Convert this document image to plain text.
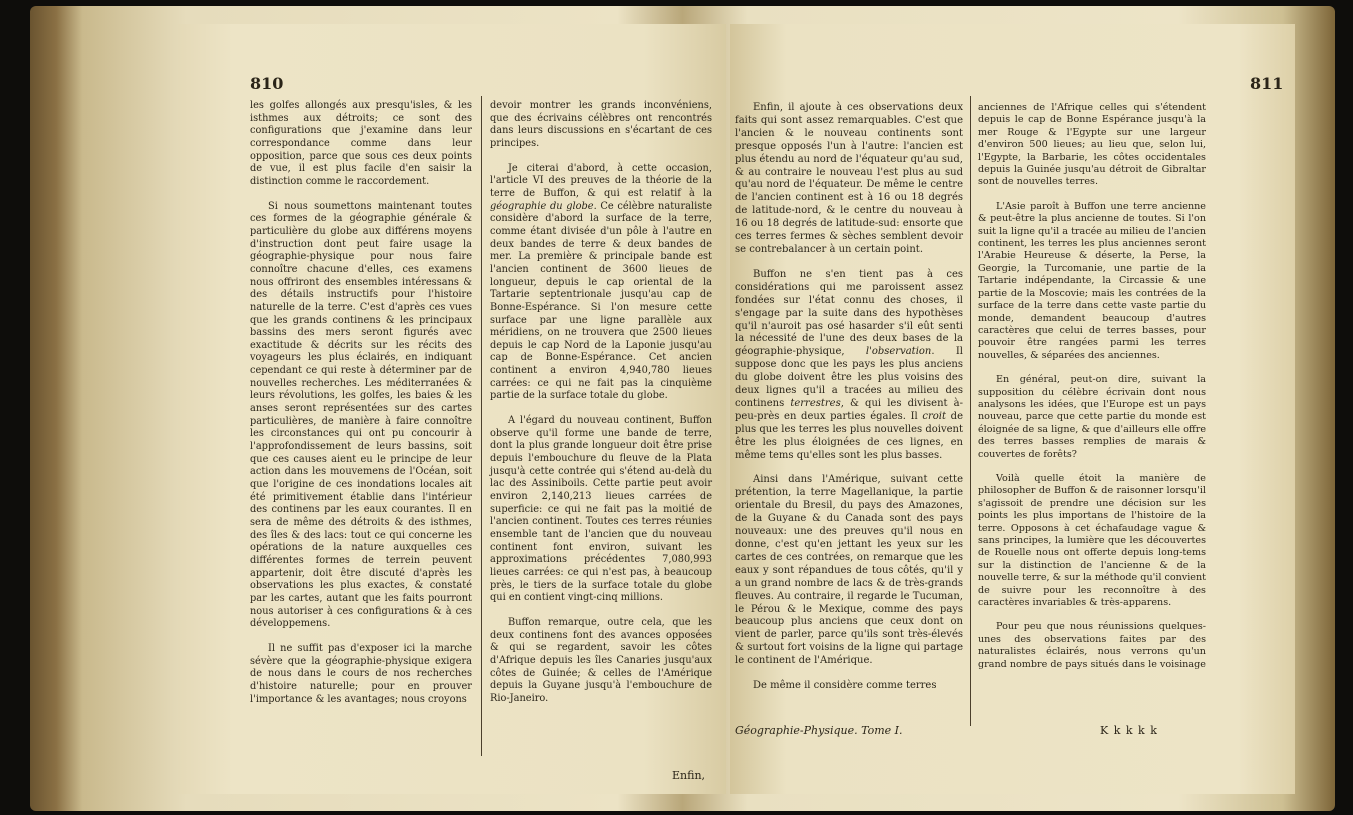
810

les golfes allongés aux presqu'isles, & les isthmes aux détroits; ce sont des configurations que j'examine dans leur correspondance comme dans leur opposition, parce que sous ces deux points de vue, il est plus facile d'en saisir la distinction comme le raccordement.

Si nous soumettons maintenant toutes ces formes de la géographie générale & particulière du globe aux différens moyens d'instruction dont peut faire usage la géographie-physique pour nous faire connoître chacune d'elles, ces examens nous offriront des ensembles intéressans & des détails instructifs pour l'histoire naturelle de la terre. C'est d'après ces vues que les grands continens & les principaux bassins des mers seront figurés avec exactitude & décrits sur les récits des voyageurs les plus éclairés, en indiquant cependant ce qui reste à déterminer par de nouvelles recherches. Les méditerranées & leurs révolutions, les golfes, les baies & les anses seront représentées sur des cartes particulières, de manière à faire connoître les circonstances qui ont pu concourir à l'approfondissement de leurs bassins, soit que ces causes aient eu le principe de leur action dans les mouvemens de l'Océan, soit que l'origine de ces inondations locales ait été primitivement établie dans l'intérieur des continens par les eaux courantes. Il en sera de même des détroits & des isthmes, des îles & des lacs: tout ce qui concerne les opérations de la nature auxquelles ces différentes formes de terrein peuvent appartenir, doit être discuté d'après les observations les plus exactes, & constaté par les cartes, autant que les faits pourront nous autoriser à ces configurations & à ces développemens.

Il ne suffit pas d'exposer ici la marche sévère que la géographie-physique exigera de nous dans le cours de nos recherches d'histoire naturelle; pour en prouver l'importance & les avantages; nous croyons

devoir montrer les grands inconvéniens, que des écrivains célèbres ont rencontrés dans leurs discussions en s'écartant de ces principes.

Je citerai d'abord, à cette occasion, l'article VI des preuves de la théorie de la terre de Buffon, & qui est relatif à la géographie du globe. Ce célèbre naturaliste considère d'abord la surface de la terre, comme étant divisée d'un pôle à l'autre en deux bandes de terre & deux bandes de mer. La première & principale bande est l'ancien continent de 3600 lieues de longueur, depuis le cap oriental de la Tartarie septentrionale jusqu'au cap de Bonne-Espérance. Si l'on mesure cette surface par une ligne parallèle aux méridiens, on ne trouvera que 2500 lieues depuis le cap Nord de la Laponie jusqu'au cap de Bonne-Espérance. Cet ancien continent a environ 4,940,780 lieues carrées: ce qui ne fait pas la cinquième partie de la surface totale du globe.

A l'égard du nouveau continent, Buffon observe qu'il forme une bande de terre, dont la plus grande longueur doit être prise depuis l'embouchure du fleuve de la Plata jusqu'à cette contrée qui s'étend au-delà du lac des Assiniboils. Cette partie peut avoir environ 2,140,213 lieues carrées de superficie: ce qui ne fait pas la moitié de l'ancien continent. Toutes ces terres réunies ensemble tant de l'ancien que du nouveau continent font environ, suivant les approximations précédentes 7,080,993 lieues carrées: ce qui n'est pas, à beaucoup près, le tiers de la surface totale du globe qui en contient vingt-cinq millions.

Buffon remarque, outre cela, que les deux continens font des avances opposées & qui se regardent, savoir les côtes d'Afrique depuis les îles Canaries jusqu'aux côtes de Guinée; & celles de l'Amérique depuis la Guyane jusqu'à l'embouchure de Rio-Janeiro.

Enfin,
811

Enfin, il ajoute à ces observations deux faits qui sont assez remarquables. C'est que l'ancien & le nouveau continents sont presque opposés l'un à l'autre: l'ancien est plus étendu au nord de l'équateur qu'au sud, & au contraire le nouveau l'est plus au sud qu'au nord de l'équateur. De même le centre de l'ancien continent est à 16 ou 18 degrés de latitude-nord, & le centre du nouveau à 16 ou 18 degrés de latitude-sud: ensorte que ces terres fermes & sèches semblent devoir se contrebalancer à un certain point.

Buffon ne s'en tient pas à ces considérations qui me paroissent assez fondées sur l'état connu des choses, il s'engage par la suite dans des hypothèses qu'il n'auroit pas osé hasarder s'il eût senti la nécessité de l'une des deux bases de la géographie-physique, l'observation. Il suppose donc que les pays les plus anciens du globe doivent être les plus voisins des deux lignes qu'il a tracées au milieu des continens terrestres, & qui les divisent à-peu-près en deux parties égales. Il croit de plus que les terres les plus nouvelles doivent être les plus éloignées de ces lignes, en même tems qu'elles sont les plus basses.

Ainsi dans l'Amérique, suivant cette prétention, la terre Magellanique, la partie orientale du Bresil, du pays des Amazones, de la Guyane & du Canada sont des pays nouveaux: une des preuves qu'il nous en donne, c'est qu'en jettant les yeux sur les cartes de ces contrées, on remarque que les eaux y sont répandues de tous côtés, qu'il y a un grand nombre de lacs & de très-grands fleuves. Au contraire, il regarde le Tucuman, le Pérou & le Mexique, comme des pays beaucoup plus anciens que ceux dont on vient de parler, parce qu'ils sont très-élevés & surtout fort voisins de la ligne qui partage le continent de l'Amérique.

De même il considère comme terres

anciennes de l'Afrique celles qui s'étendent depuis le cap de Bonne Espérance jusqu'à la mer Rouge & l'Egypte sur une largeur d'environ 500 lieues; au lieu que, selon lui, l'Egypte, la Barbarie, les côtes occidentales depuis la Guinée jusqu'au détroit de Gibraltar sont de nouvelles terres.

L'Asie paroît à Buffon une terre ancienne & peut-être la plus ancienne de toutes. Si l'on suit la ligne qu'il a tracée au milieu de l'ancien continent, les terres les plus anciennes seront l'Arabie Heureuse & déserte, la Perse, la Georgie, la Turcomanie, une partie de la Tartarie indépendante, la Circassie & une partie de la Moscovie; mais les contrées de la surface de la terre dans cette vaste partie du monde, demandent beaucoup d'autres caractères que celui de terres basses, pour pouvoir être rangées parmi les terres nouvelles, & séparées des anciennes.

En général, peut-on dire, suivant la supposition du célèbre écrivain dont nous analysons les idées, que l'Europe est un pays nouveau, parce que cette partie du monde est éloignée de sa ligne, & que d'ailleurs elle offre des terres basses remplies de marais & couvertes de forêts?

Voilà quelle étoit la manière de philosopher de Buffon & de raisonner lorsqu'il s'agissoit de prendre une décision sur les points les plus importans de l'histoire de la terre. Opposons à cet échafaudage vague & sans principes, la lumière que les découvertes de Rouelle nous ont offerte depuis long-tems sur la distinction de l'ancienne & de la nouvelle terre, & sur la méthode qu'il convient de suivre pour les reconnoître à des caractères invariables & très-apparens.

Pour peu que nous réunissions quelques-unes des observations faites par des naturalistes éclairés, nous verrons qu'un grand nombre de pays situés dans le voisinage

Géographie-Physique. Tome I.	K k k k k
